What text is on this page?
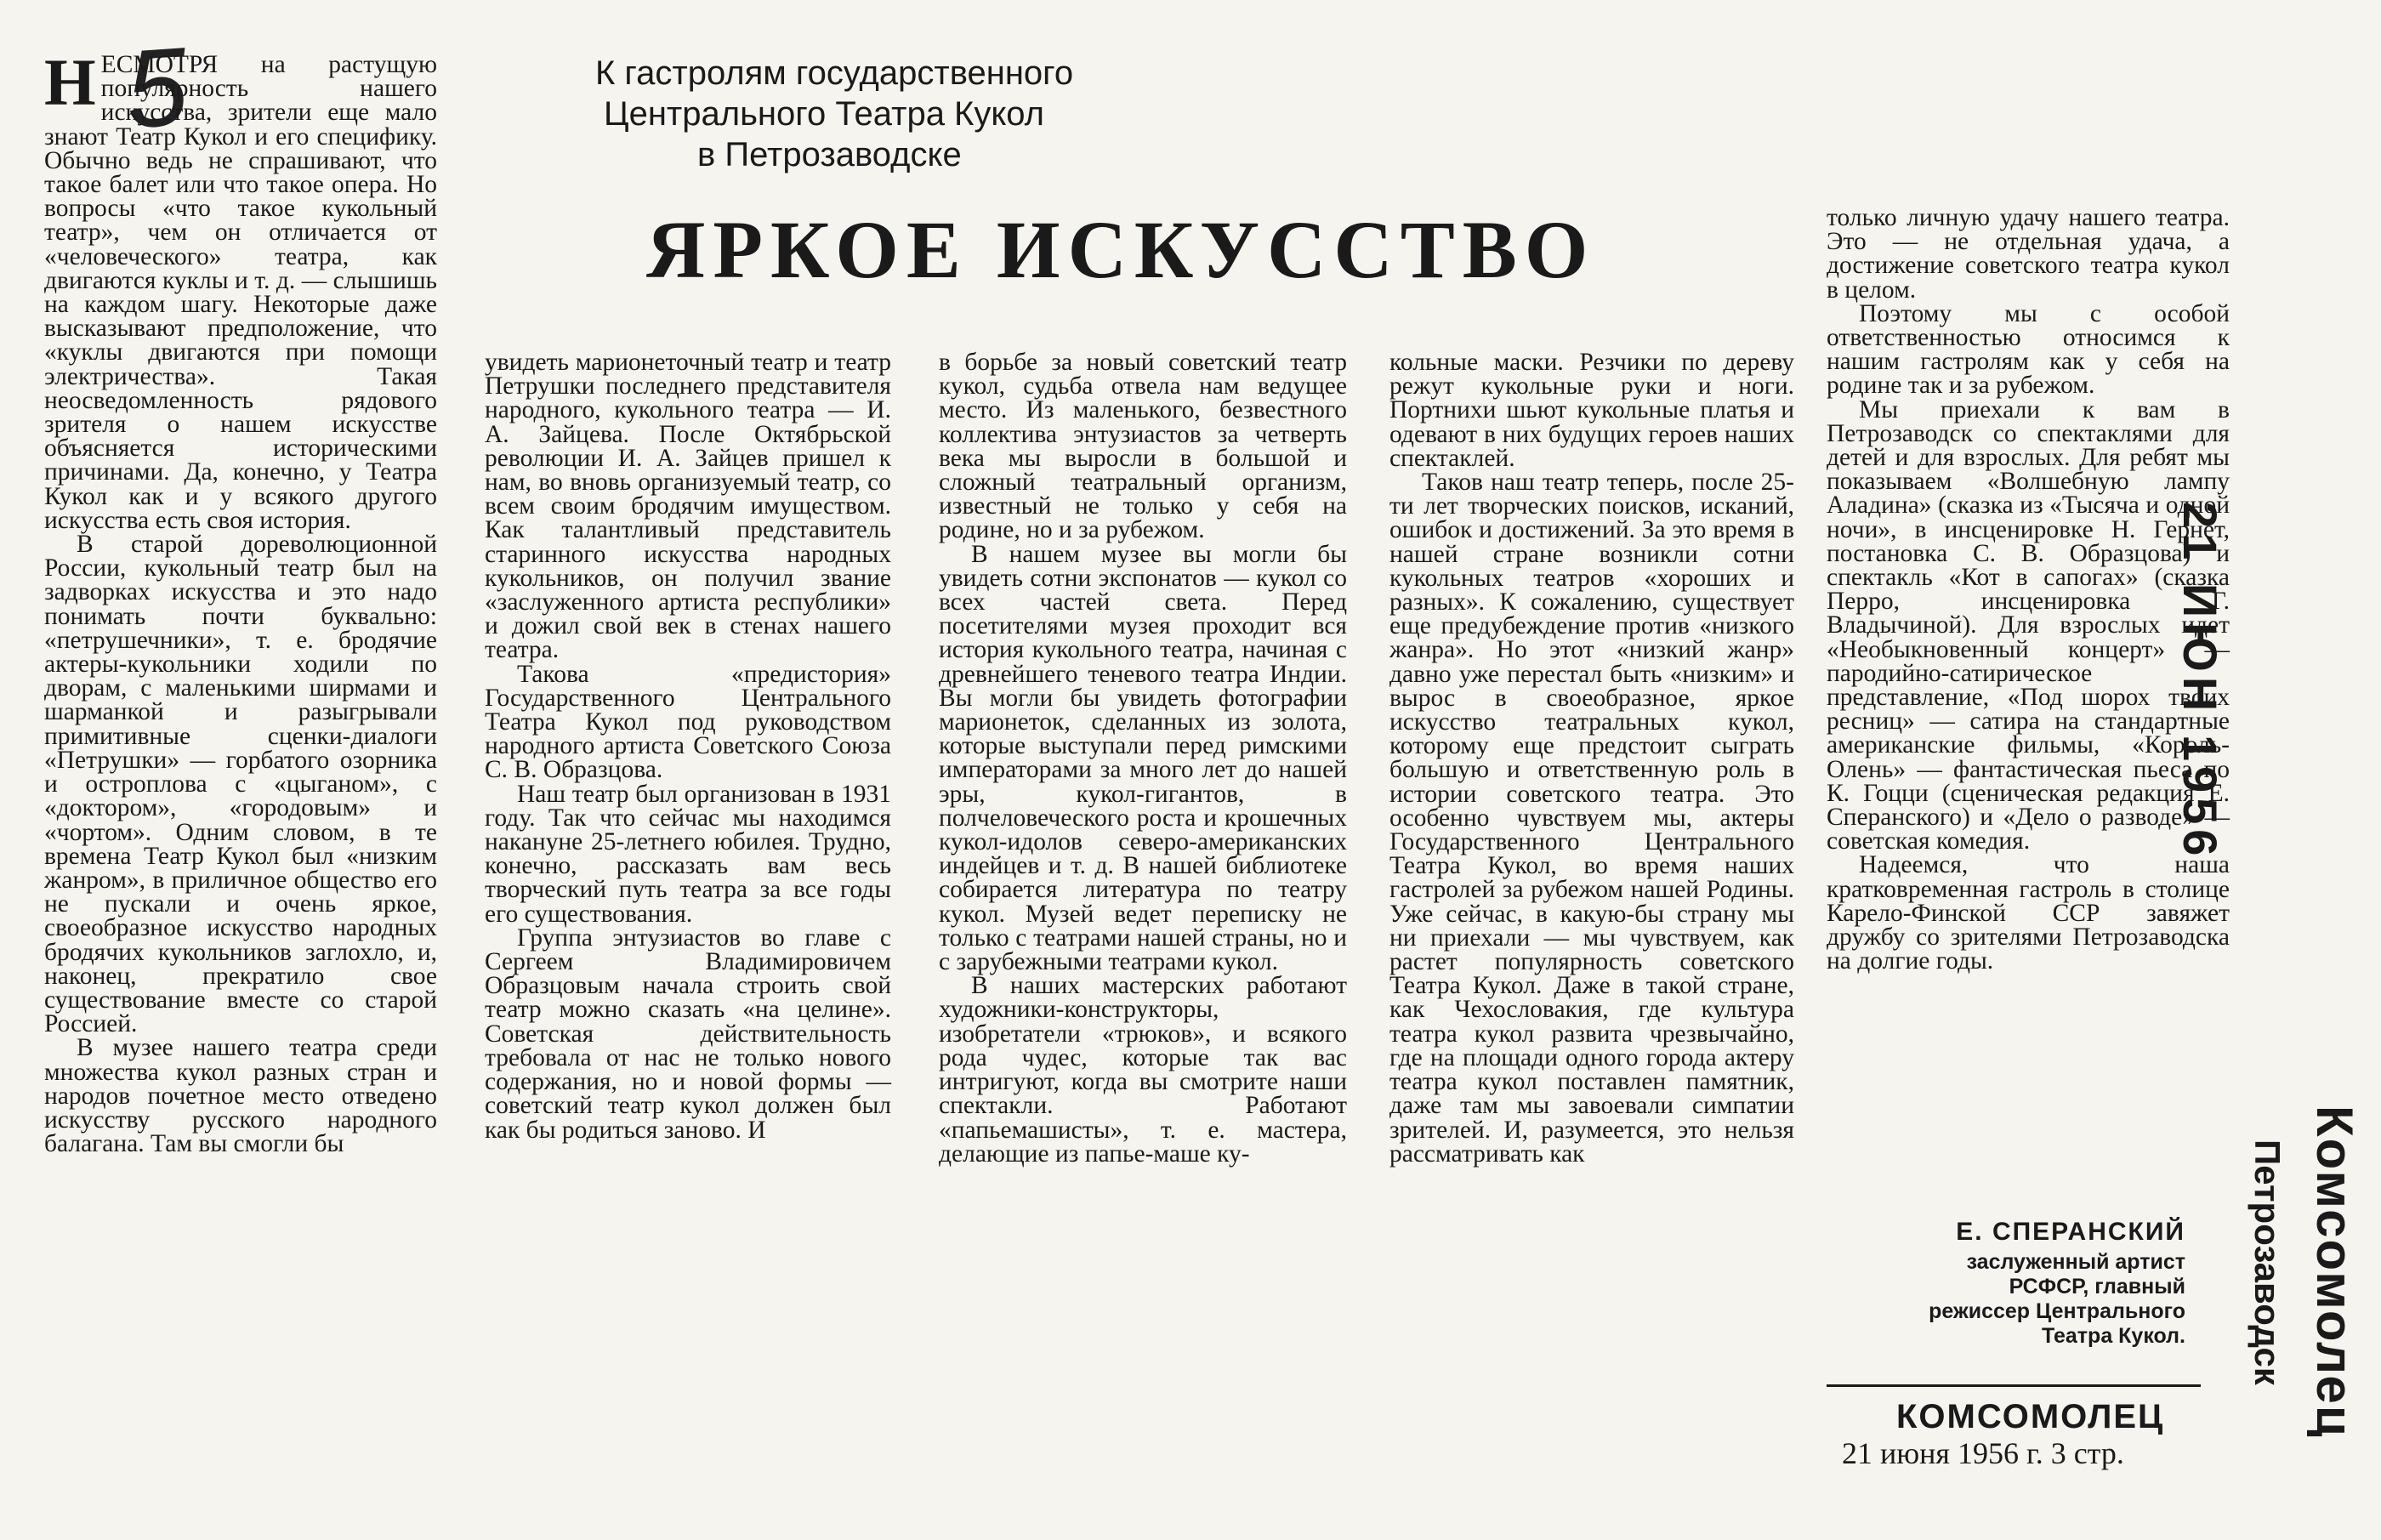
5	К гастролям государственного
Центрального Театра Кукол
в Петрозаводске
ЯРКОЕ ИСКУССТВО

НЕСМОТРЯ на растущую популярность нашего искусства, зрители еще мало знают Театр Кукол и его специфику. Обычно ведь не спрашивают, что такое балет или что такое опера. Но вопросы «что такое кукольный театр», чем он отличается от «человеческого» театра, как двигаются куклы и т. д. — слышишь на каждом шагу. Некоторые даже высказывают предположение, что «куклы двигаются при помощи электричества». Такая неосведомленность рядового зрителя о нашем искусстве объясняется историческими причинами. Да, конечно, у Театра Кукол как и у всякого другого искусства есть своя история.

В старой дореволюционной России, кукольный театр был на задворках искусства и это надо понимать почти буквально: «петрушечники», т. е. бродячие актеры-кукольники ходили по дворам, с маленькими ширмами и шарманкой и разыгрывали примитивные сценки-диалоги «Петрушки» — горбатого озорника и остроплова с «цыганом», с «доктором», «городовым» и «чортом». Одним словом, в те времена Театр Кукол был «низким жанром», в приличное общество его не пускали и очень яркое, своеобразное искусство народных бродячих кукольников заглохло, и, наконец, прекратило свое существование вместе со старой Россией.

В музее нашего театра среди множества кукол разных стран и народов почетное место отведено искусству русского народного балагана. Там вы смогли бы

увидеть марионеточный театр и театр Петрушки последнего представителя народного, кукольного театра — И. А. Зайцева. После Октябрьской революции И. А. Зайцев пришел к нам, во вновь организуемый театр, со всем своим бродячим имуществом. Как талантливый представитель старинного искусства народных кукольников, он получил звание «заслуженного артиста республики» и дожил свой век в стенах нашего театра.

Такова «предистория» Государственного Центрального Театра Кукол под руководством народного артиста Советского Союза С. В. Образцова.

Наш театр был организован в 1931 году. Так что сейчас мы находимся накануне 25-летнего юбилея. Трудно, конечно, рассказать вам весь творческий путь театра за все годы его существования.

Группа энтузиастов во главе с Сергеем Владимировичем Образцовым начала строить свой театр можно сказать «на целине». Советская действительность требовала от нас не только нового содержания, но и новой формы — советский театр кукол должен был как бы родиться заново. И

в борьбе за новый советский театр кукол, судьба отвела нам ведущее место. Из маленького, безвестного коллектива энтузиастов за четверть века мы выросли в большой и сложный театральный организм, известный не только у себя на родине, но и за рубежом.

В нашем музее вы могли бы увидеть сотни экспонатов — кукол со всех частей света. Перед посетителями музея проходит вся история кукольного театра, начиная с древнейшего теневого театра Индии. Вы могли бы увидеть фотографии марионеток, сделанных из золота, которые выступали перед римскими императорами за много лет до нашей эры, кукол-гигантов, в полчеловеческого роста и крошечных кукол-идолов северо-американских индейцев и т. д. В нашей библиотеке собирается литература по театру кукол. Музей ведет переписку не только с театрами нашей страны, но и с зарубежными театрами кукол.

В наших мастерских работают художники-конструкторы, изобретатели «трюков», и всякого рода чудес, которые так вас интригуют, когда вы смотрите наши спектакли. Работают «папьемашисты», т. е. мастера, делающие из папье-маше ку-

кольные маски. Резчики по дереву режут кукольные руки и ноги. Портнихи шьют кукольные платья и одевают в них будущих героев наших спектаклей.

Таков наш театр теперь, после 25-ти лет творческих поисков, исканий, ошибок и достижений. За это время в нашей стране возникли сотни кукольных театров «хороших и разных». К сожалению, существует еще предубеждение против «низкого жанра». Но этот «низкий жанр» давно уже перестал быть «низким» и вырос в своеобразное, яркое искусство театральных кукол, которому еще предстоит сыграть большую и ответственную роль в истории советского театра. Это особенно чувствуем мы, актеры Государственного Центрального Театра Кукол, во время наших гастролей за рубежом нашей Родины. Уже сейчас, в какую-бы страну мы ни приехали — мы чувствуем, как растет популярность советского Театра Кукол. Даже в такой стране, как Чехословакия, где культура театра кукол развита чрезвычайно, где на площади одного города актеру театра кукол поставлен памятник, даже там мы завоевали симпатии зрителей. И, разумеется, это нельзя рассматривать как

только личную удачу нашего театра. Это — не отдельная удача, а достижение советского театра кукол в целом.

Поэтому мы с особой ответственностью относимся к нашим гастролям как у себя на родине так и за рубежом.

Мы приехали к вам в Петрозаводск со спектаклями для детей и для взрослых. Для ребят мы показываем «Волшебную лампу Аладина» (сказка из «Тысяча и одной ночи», в инсценировке Н. Гернет, постановка С. В. Образцова) и спектакль «Кот в сапогах» (сказка Перро, инсценировка Г. Владычиной). Для взрослых идет «Необыкновенный концерт» — пародийно-сатирическое представление, «Под шорох твоих ресниц» — сатира на стандартные американские фильмы, «Король-Олень» — фантастическая пьеса по К. Гоцци (сценическая редакция Е. Сперанского) и «Дело о разводе» — советская комедия.

Надеемся, что наша кратковременная гастроль в столице Карело-Финской ССР завяжет дружбу со зрителями Петрозаводска на долгие годы.

Е. СПЕРАНСКИЙ
заслуженный артист РСФСР, главный режиссер Центрального Театра Кукол.
КОМСОМОЛЕЦ
21 июня 1956 г. 3 стр.
21 ИЮН 1956
Комсомолец
Петрозаводск
